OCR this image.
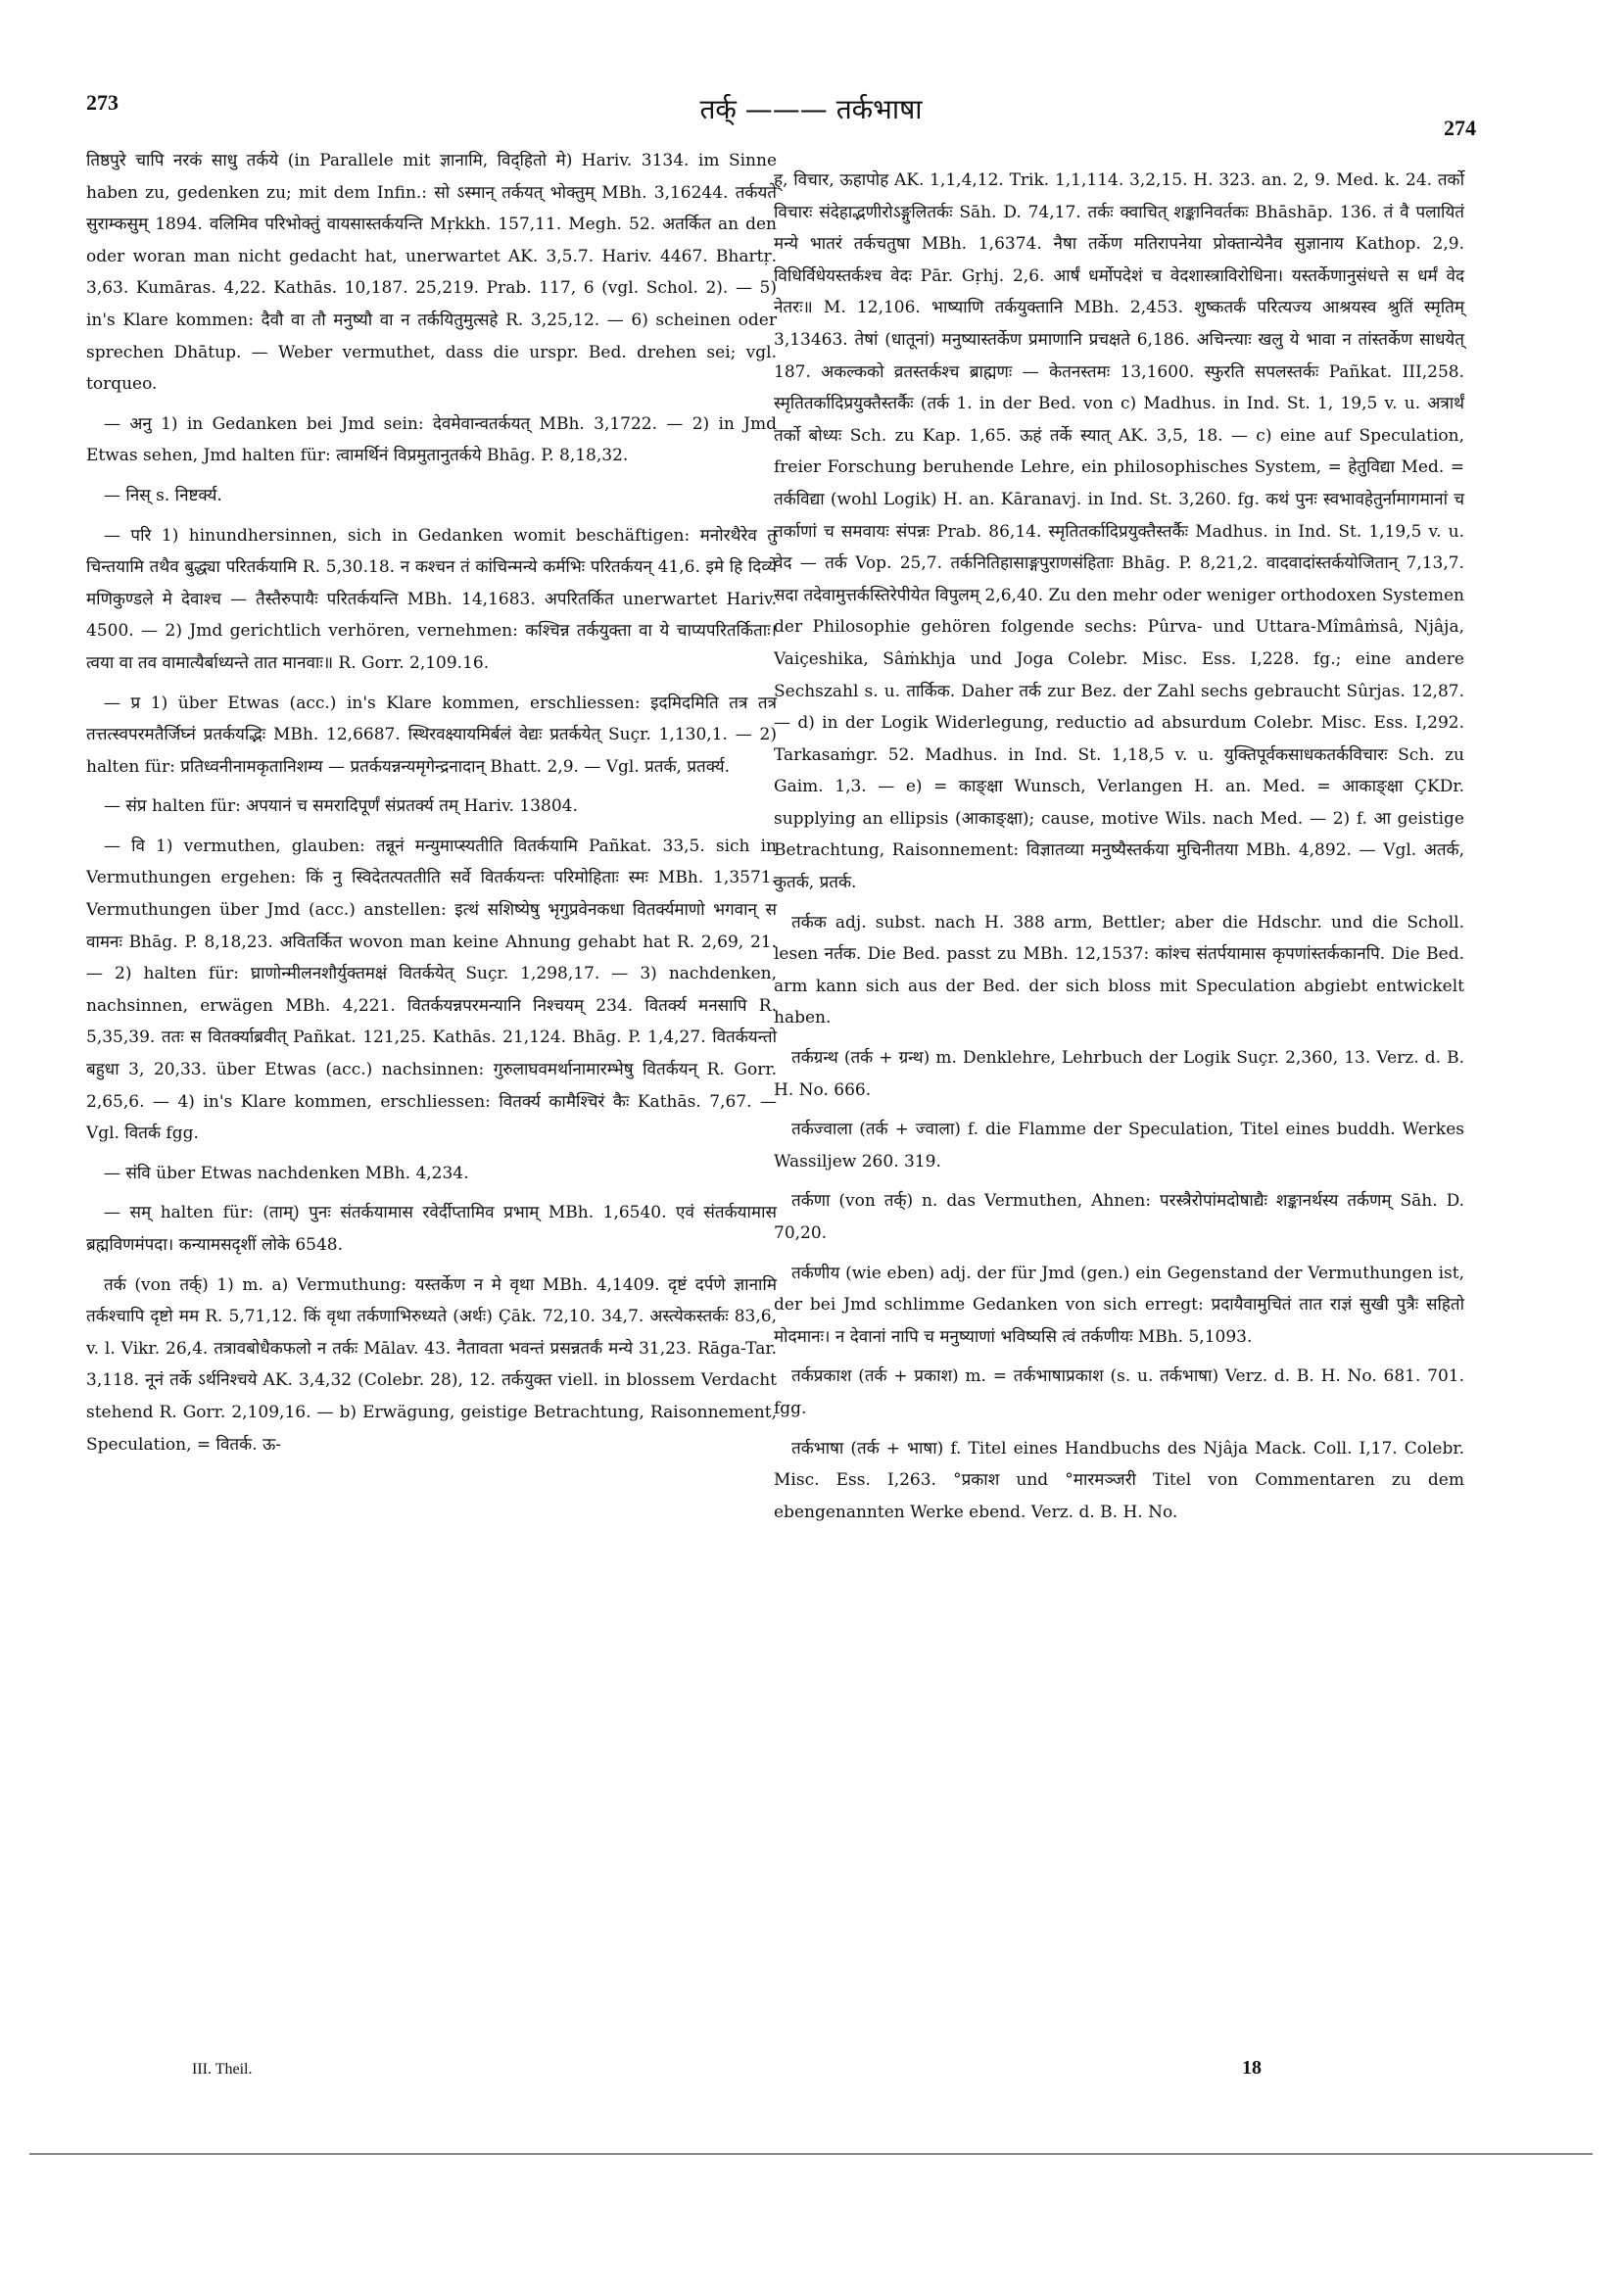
273	तर्क् ——— तर्कभाषा
274

तिष्ठपुरे चापि नरकं साधु तर्कये (in Parallele mit ज्ञानामि, विद्हितो मे) Hariv. 3134. im Sinne haben zu, gedenken zu; mit dem Infin.: सो ऽस्मान् तर्कयत् भोक्तुम् MBh. 3,16244. तर्कयते सुराम्कसुम् 1894. वलिमिव परिभोक्तुं वायसास्तर्कयन्ति Mṛkkh. 157,11. Megh. 52. अतर्कित an den oder woran man nicht gedacht hat, unerwartet AK. 3,5.7. Hariv. 4467. Bhartṛ. 3,63. Kumāras. 4,22. Kathās. 10,187. 25,219. Prab. 117, 6 (vgl. Schol. 2). — 5) in's Klare kommen: दैवौ वा तौ मनुष्यौ वा न तर्कयितुमुत्सहे R. 3,25,12. — 6) scheinen oder sprechen Dhātup. — Weber vermuthet, dass die urspr. Bed. drehen sei; vgl. torqueo.

— अनु 1) in Gedanken bei Jmd sein: देवमेवान्वतर्कयत् MBh. 3,1722. — 2) in Jmd Etwas sehen, Jmd halten für: त्वामर्थिनं विप्रमुतानुतर्कये Bhāg. P. 8,18,32.

— निस् s. निष्टर्क्य.

— परि 1) hinundhersinnen, sich in Gedanken womit beschäftigen: मनोरथैरेव तु चिन्तयामि तथैव बुद्ध्या परितर्कयामि R. 5,30.18. न कश्चन तं कांचिन्मन्ये कर्मभिः परितर्कयन् 41,6. इमे हि दिव्ये मणिकुण्डले मे देवाश्च — तैस्तैरुपायैः परितर्कयन्ति MBh. 14,1683. अपरितर्कित unerwartet Hariv. 4500. — 2) Jmd gerichtlich verhören, vernehmen: कश्चिन्न तर्कयुक्ता वा ये चाप्यपरितर्किताः। त्वया वा तव वामात्यैर्बाध्यन्ते तात मानवाः॥ R. Gorr. 2,109.16.

— प्र 1) über Etwas (acc.) in's Klare kommen, erschliessen: इदमिदमिति तत्र तत्र तत्तत्स्वपरमतैर्जिघ्नं प्रतर्कयद्भिः MBh. 12,6687. स्थिरवक्ष्यायमिर्बलं वेद्यः प्रतर्कयेत् Suçr. 1,130,1. — 2) halten für: प्रतिध्वनीनामकृतानिशम्य — प्रतर्कयन्नन्यमृगेन्द्रनादान् Bhatt. 2,9. — Vgl. प्रतर्क, प्रतर्क्य.

— संप्र halten für: अपयानं च समरादिपूर्णं संप्रतर्क्य तम् Hariv. 13804.

— वि 1) vermuthen, glauben: तन्नूनं मन्युमाप्स्यतीति वितर्कयामि Pañkat. 33,5. sich in Vermuthungen ergehen: किं नु स्विदेतत्पततीति सर्वे वितर्कयन्तः परिमोहिताः स्मः MBh. 1,3571. Vermuthungen über Jmd (acc.) anstellen: इत्थं सशिष्येषु भृगुप्रवेनकधा वितर्क्यमाणो भगवान् स वामनः Bhāg. P. 8,18,23. अवितर्कित wovon man keine Ahnung gehabt hat R. 2,69, 21. — 2) halten für: घ्राणोन्मीलनशौर्युक्तमक्षं वितर्कयेत् Suçr. 1,298,17. — 3) nachdenken, nachsinnen, erwägen MBh. 4,221. वितर्कयन्नपरमन्यानि निश्चयम् 234. वितर्क्य मनसापि R. 5,35,39. ततः स वितर्क्याब्रवीत् Pañkat. 121,25. Kathās. 21,124. Bhāg. P. 1,4,27. वितर्कयन्तो बहुधा 3, 20,33. über Etwas (acc.) nachsinnen: गुरुलाघवमर्थानामारम्भेषु वितर्कयन् R. Gorr. 2,65,6. — 4) in's Klare kommen, erschliessen: वितर्क्य कामैश्चिरं कैः Kathās. 7,67. — Vgl. वितर्क fgg.

— संवि über Etwas nachdenken MBh. 4,234.

— सम् halten für: (ताम्) पुनः संतर्कयामास रवेर्दीप्तामिव प्रभाम् MBh. 1,6540. एवं संतर्कयामास ब्रह्मविणमंपदा। कन्यामसदृशीं लोके 6548.

तर्क (von तर्क्) 1) m. a) Vermuthung: यस्तर्केण न मे वृथा MBh. 4,1409. दृष्टं दर्पणे ज्ञानामि तर्कश्चापि दृष्टो मम R. 5,71,12. किं वृथा तर्कणाभिरुध्यते (अर्थः) Çāk. 72,10. 34,7. अस्त्येकस्तर्कः 83,6, v. l. Vikr. 26,4. तत्रावबोधैकफलो न तर्कः Mālav. 43. नैतावता भवन्तं प्रसन्नतर्कं मन्ये 31,23. Rāga-Tar. 3,118. नूनं तर्के ऽर्थनिश्चये AK. 3,4,32 (Colebr. 28), 12. तर्कयुक्त viell. in blossem Verdacht stehend R. Gorr. 2,109,16. — b) Erwägung, geistige Betrachtung, Raisonnement, Speculation, = वितर्क. ऊ-

ह्, विचार, ऊहापोह AK. 1,1,4,12. Trik. 1,1,114. 3,2,15. H. 323. an. 2, 9. Med. k. 24. तर्को विचारः संदेहाद्भणीरोऽङ्गुलितर्कः Sāh. D. 74,17. तर्कः क्वाचित् शङ्कानिवर्तकः Bhāshāp. 136. तं वै पलायितं मन्ये भातरं तर्कचतुषा MBh. 1,6374. नैषा तर्केण मतिरापनेया प्रोक्तान्येनैव सुज्ञानाय Kathop. 2,9. विधिर्विधेयस्तर्कश्च वेदः Pār. Gṛhj. 2,6. आर्षं धर्मोपदेशं च वेदशास्त्राविरोधिना। यस्तर्केणानुसंधत्ते स धर्मं वेद नेतरः॥ M. 12,106. भाष्याणि तर्कयुक्तानि MBh. 2,453. शुष्कतर्कं परित्यज्य आश्रयस्व श्रुतिं स्मृतिम् 3,13463. तेषां (धातूनां) मनुष्यास्तर्केण प्रमाणानि प्रचक्षते 6,186. अचिन्त्याः खलु ये भावा न तांस्तर्केण साधयेत् 187. अकल्कको व्रतस्तर्कश्च ब्राह्मणः — केतनस्तमः 13,1600. स्फुरति सपलस्तर्कः Pañkat. III,258. स्मृतितर्कादिप्रयुक्तैस्तर्कैः (तर्क 1. in der Bed. von c) Madhus. in Ind. St. 1, 19,5 v. u. अत्रार्थं तर्को बोध्यः Sch. zu Kap. 1,65. ऊहं तर्के स्यात् AK. 3,5, 18. — c) eine auf Speculation, freier Forschung beruhende Lehre, ein philosophisches System, = हेतुविद्या Med. = तर्कविद्या (wohl Logik) H. an. Kāranavj. in Ind. St. 3,260. fg. कथं पुनः स्वभावहेतुर्नामागमानां च तर्काणां च समवायः संपन्नः Prab. 86,14. स्मृतितर्कादिप्रयुक्तैस्तर्कैः Madhus. in Ind. St. 1,19,5 v. u. वेद — तर्क Vop. 25,7. तर्कनितिहासाङ्गपुराणसंहिताः Bhāg. P. 8,21,2. वादवादांस्तर्कयोजितान् 7,13,7. सदा तदेवामुत्तर्कस्तिरेपीयेत विपुलम् 2,6,40. Zu den mehr oder weniger orthodoxen Systemen der Philosophie gehören folgende sechs: Pûrva- und Uttara-Mîmâṁsâ, Njâja, Vaiçeshika, Sâṁkhja und Joga Colebr. Misc. Ess. I,228. fg.; eine andere Sechszahl s. u. तार्किक. Daher तर्क zur Bez. der Zahl sechs gebraucht Sûrjas. 12,87. — d) in der Logik Widerlegung, reductio ad absurdum Colebr. Misc. Ess. I,292. Tarkasaṁgr. 52. Madhus. in Ind. St. 1,18,5 v. u. युक्तिपूर्वकसाधकतर्कविचारः Sch. zu Gaim. 1,3. — e) = काङ्क्षा Wunsch, Verlangen H. an. Med. = आकाङ्क्षा ÇKDr. supplying an ellipsis (आकाङ्क्षा); cause, motive Wils. nach Med. — 2) f. आ geistige Betrachtung, Raisonnement: विज्ञातव्या मनुष्यैस्तर्कया मुचिनीतया MBh. 4,892. — Vgl. अतर्क, कुतर्क, प्रतर्क.

तर्कक adj. subst. nach H. 388 arm, Bettler; aber die Hdschr. und die Scholl. lesen नर्तक. Die Bed. passt zu MBh. 12,1537: कांश्च संतर्पयामास कृपणांस्तर्ककानपि. Die Bed. arm kann sich aus der Bed. der sich bloss mit Speculation abgiebt entwickelt haben.

तर्कग्रन्थ (तर्क + ग्रन्थ) m. Denklehre, Lehrbuch der Logik Suçr. 2,360, 13. Verz. d. B. H. No. 666.

तर्कज्वाला (तर्क + ज्वाला) f. die Flamme der Speculation, Titel eines buddh. Werkes Wassiljew 260. 319.

तर्कणा (von तर्क्) n. das Vermuthen, Ahnen: परस्त्रैरोपांमदोषाद्यैः शङ्कानर्थस्य तर्कणम् Sāh. D. 70,20.

तर्कणीय (wie eben) adj. der für Jmd (gen.) ein Gegenstand der Vermuthungen ist, der bei Jmd schlimme Gedanken von sich erregt: प्रदायैवामुचितं तात राज्ञं सुखी पुत्रैः सहितो मोदमानः। न देवानां नापि च मनुष्याणां भविष्यसि त्वं तर्कणीयः MBh. 5,1093.

तर्कप्रकाश (तर्क + प्रकाश) m. = तर्कभाषाप्रकाश (s. u. तर्कभाषा) Verz. d. B. H. No. 681. 701. fgg.

तर्कभाषा (तर्क + भाषा) f. Titel eines Handbuchs des Njâja Mack. Coll. I,17. Colebr. Misc. Ess. I,263. °प्रकाश und °मारमञ्जरी Titel von Commentaren zu dem ebengenannten Werke ebend. Verz. d. B. H. No.

III. Theil.	18
